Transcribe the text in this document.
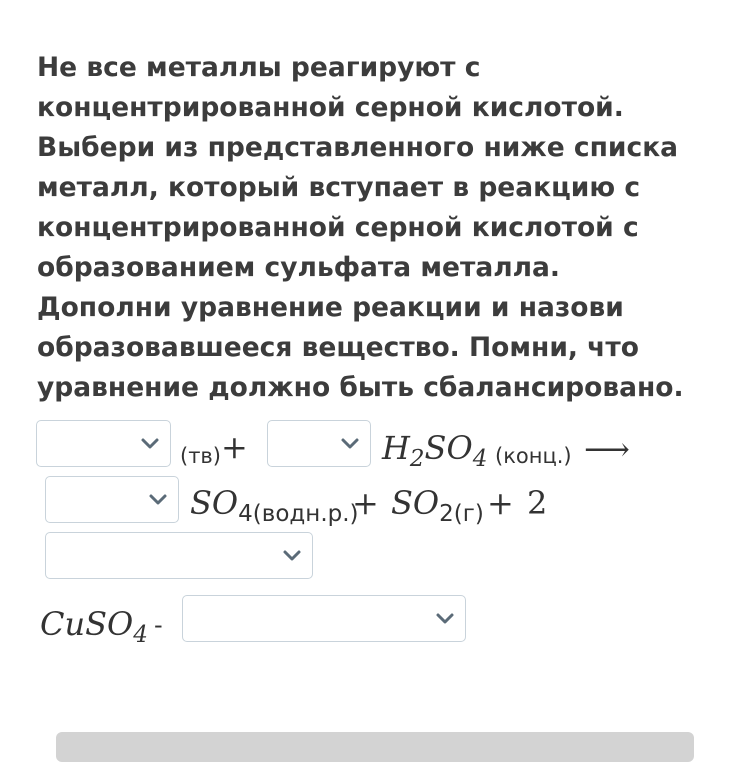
Не все металлы реагируют с концентрированной серной кислотой. Выбери из представленного ниже списка металл, который вступает в реакцию с концентрированной серной кислотой с образованием сульфата металла. Дополни уравнение реакции и назови образовавшееся вещество. Помни, что уравнение должно быть сбалансировано.

(тв) +	$H_2SO_4$ (конц.) ⟶
$SO_{4(водн.р.)}$
+ $SO_{2(г)} + 2$
CuSO$_4$ -
